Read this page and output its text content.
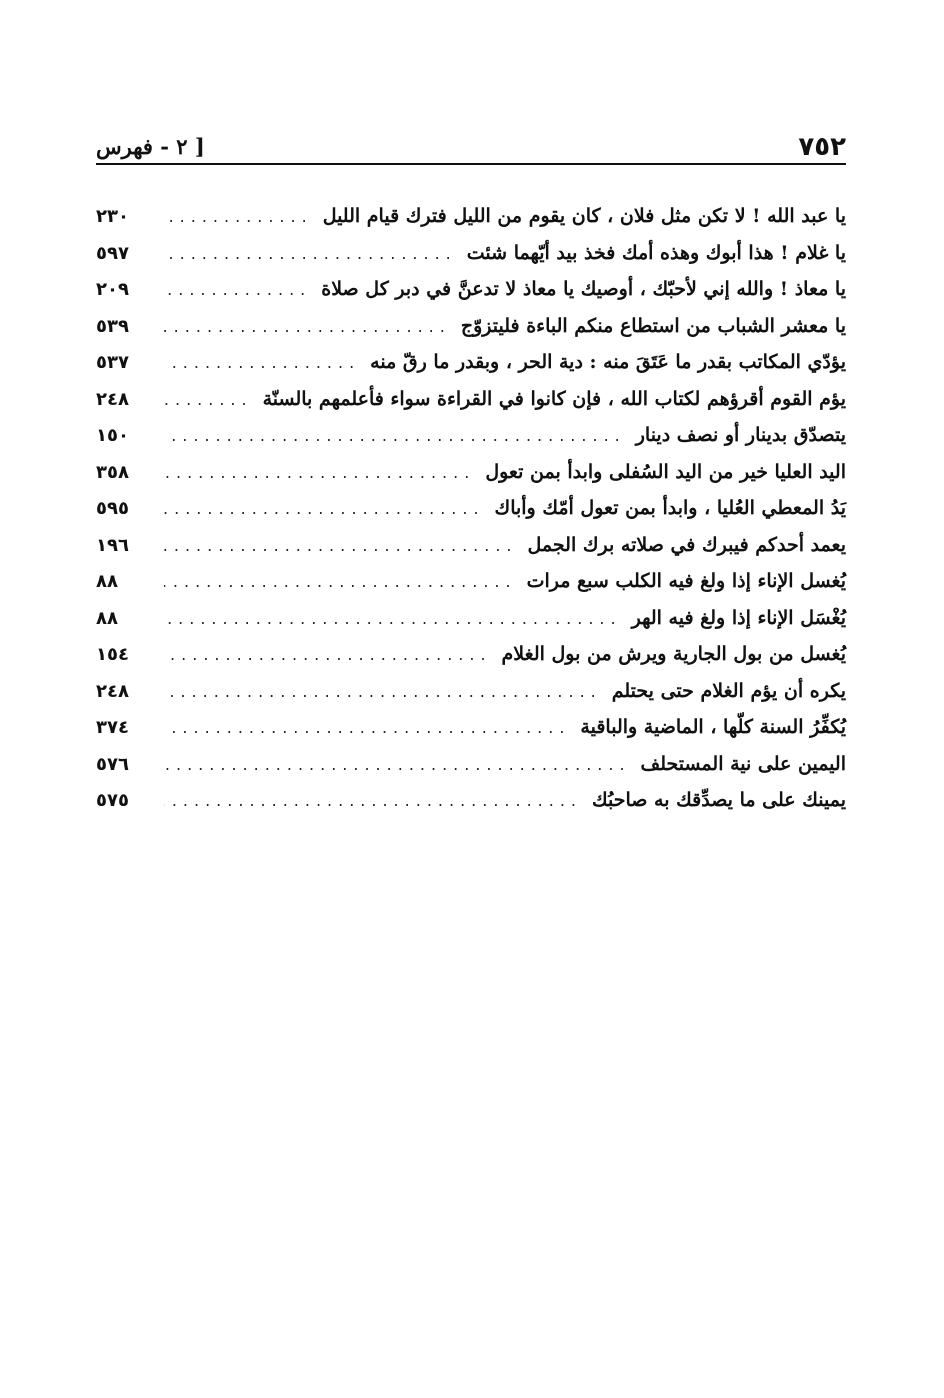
٧٥٢
[ ٢ - فهرس
يا عبد الله ! لا تكن مثل فلان ، كان يقوم من الليل فترك قيام الليل
.....
٢٣٠
يا غلام ! هذا أبوك وهذه أمك فخذ بيد أيّهما شئت
.....
٥٩٧
يا معاذ ! والله إني لأحبّك ، أوصيك يا معاذ لا تدعنَّ في دبر كل صلاة
.....
٢٠٩
يا معشر الشباب من استطاع منكم الباءة فليتزوّج
.....
٥٣٩
يؤدّي المكاتب بقدر ما عَتَقَ منه : دية الحر ، وبقدر ما رقّ منه
.....
٥٣٧
يؤم القوم أقرؤهم لكتاب الله ، فإن كانوا في القراءة سواء فأعلمهم بالسنّة
.....
٢٤٨
يتصدّق بدينار أو نصف دينار
.....
١٥٠
اليد العليا خير من اليد السُفلى وابدأ بمن تعول
.....
٣٥٨
يَدُ المعطي العُليا ، وابدأ بمن تعول أمّك وأباك
.....
٥٩٥
يعمد أحدكم فيبرك في صلاته برك الجمل
.....
١٩٦
يُغسل الإناء إذا ولغ فيه الكلب سبع مرات
.....
٨٨
يُغْسَل الإناء إذا ولغ فيه الهر
.....
٨٨
يُغسل من بول الجارية ويرش من بول الغلام
.....
١٥٤
يكره أن يؤم الغلام حتى يحتلم
.....
٢٤٨
يُكفِّرُ السنة كلّها ، الماضية والباقية
.....
٣٧٤
اليمين على نية المستحلف
.....
٥٧٦
يمينك على ما يصدِّقك به صاحبُك
.....
٥٧٥
